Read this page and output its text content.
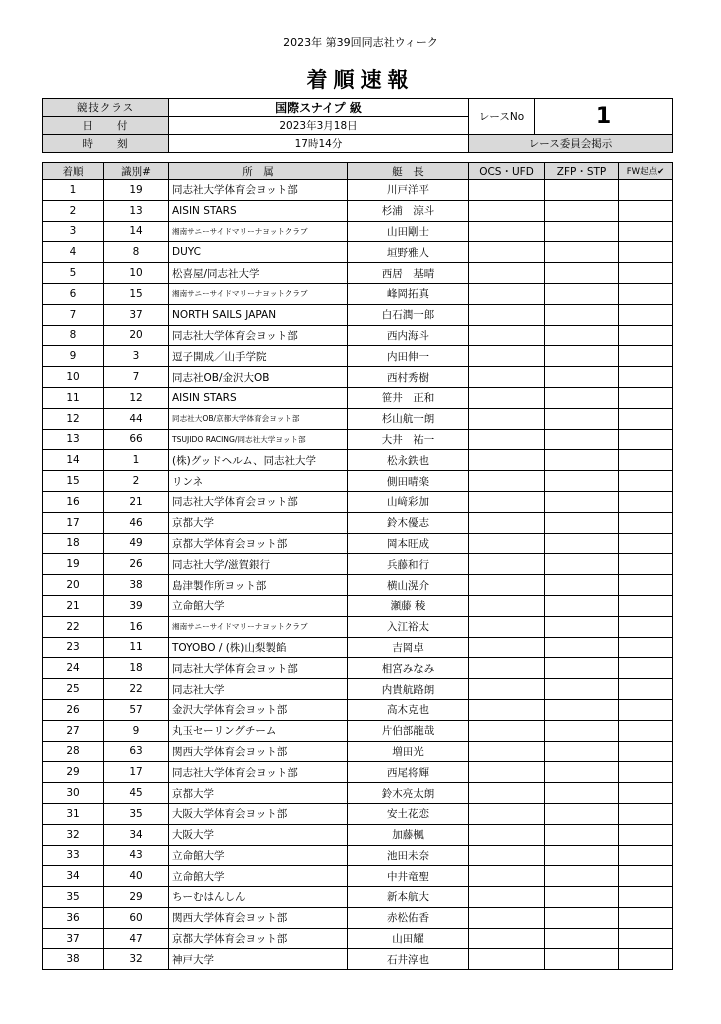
2023年 第39回同志社ウィーク
着順速報
競技クラス	国際スナイプ 級	レースNo	1
日　　付	2023年3月18日		
時　　刻	17時14分	レース委員会掲示	
着順	識別#	所　属	艇　長	OCS・UFD	ZFP・STP	FW起点✔
1	19	同志社大学体育会ヨット部	川戸洋平			
2	13	AISIN STARS	杉浦　涼斗			
3	14	湘南サニーサイドマリーナヨットクラブ	山田剛士			
4	8	DUYC	垣野雅人			
5	10	松喜屋/同志社大学	西居　基晴			
6	15	湘南サニーサイドマリーナヨットクラブ	峰岡拓真			
7	37	NORTH SAILS JAPAN	白石潤一郎			
8	20	同志社大学体育会ヨット部	西内海斗			
9	3	逗子開成／山手学院	内田伸一			
10	7	同志社OB/金沢大OB	西村秀樹			
11	12	AISIN STARS	笹井　正和			
12	44	同志社大OB/京都大学体育会ヨット部	杉山航一朗			
13	66	TSUJIDO RACING/同志社大学ヨット部	大井　祐一			
14	1	(株)グッドヘルム、同志社大学	松永鉄也			
15	2	リンネ	側田晴楽			
16	21	同志社大学体育会ヨット部	山﨑彩加			
17	46	京都大学	鈴木優志			
18	49	京都大学体育会ヨット部	岡本旺成			
19	26	同志社大学/滋賀銀行	兵藤和行			
20	38	島津製作所ヨット部	横山滉介			
21	39	立命館大学	瀬藤 稜			
22	16	湘南サニーサイドマリーナヨットクラブ	入江裕太			
23	11	TOYOBO / (株)山梨製餡	吉岡卓			
24	18	同志社大学体育会ヨット部	相宮みなみ			
25	22	同志社大学	内貴航路朗			
26	57	金沢大学体育会ヨット部	高木克也			
27	9	丸玉セーリングチーム	片伯部龍哉			
28	63	関西大学体育会ヨット部	増田光			
29	17	同志社大学体育会ヨット部	西尾将輝			
30	45	京都大学	鈴木亮太朗			
31	35	大阪大学体育会ヨット部	安土花恋			
32	34	大阪大学	加藤楓			
33	43	立命館大学	池田未奈			
34	40	立命館大学	中井竜聖			
35	29	ちーむはんしん	新本航大			
36	60	関西大学体育会ヨット部	赤松佑香			
37	47	京都大学体育会ヨット部	山田耀			
38	32	神戸大学	石井淳也			
